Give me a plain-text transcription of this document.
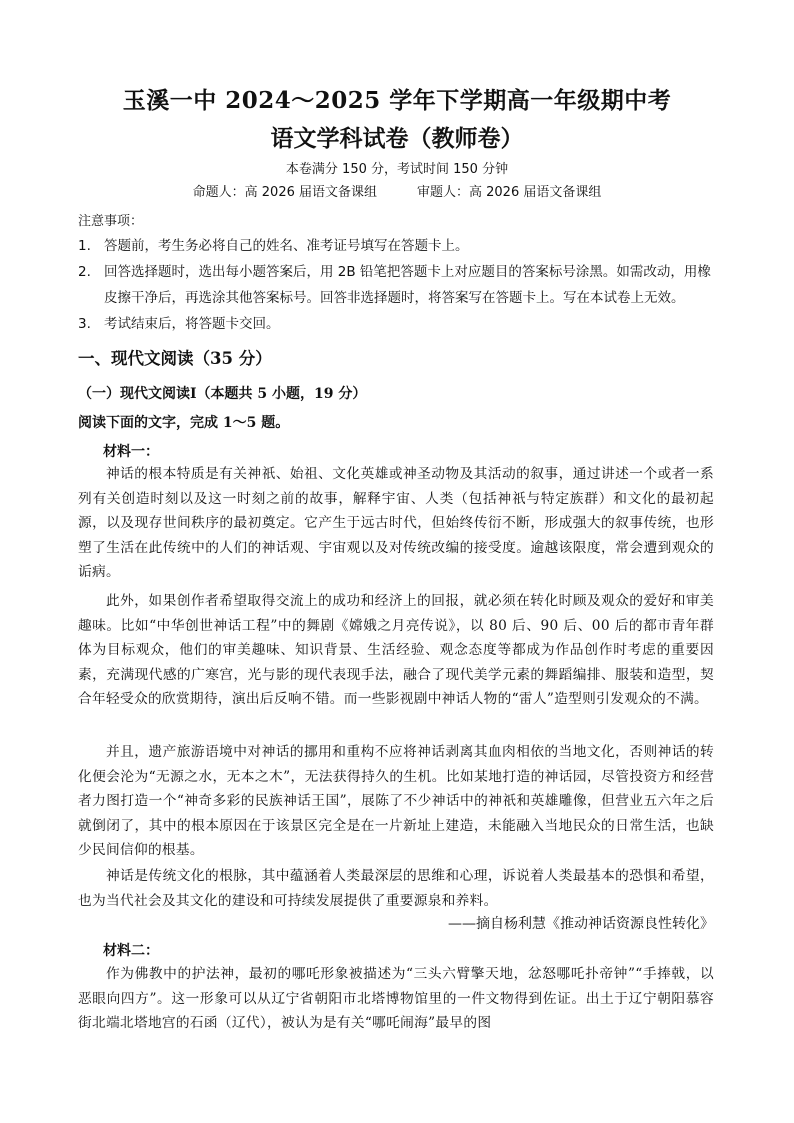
玉溪一中 2024～2025 学年下学期高一年级期中考
语文学科试卷（教师卷）
本卷满分 150 分，考试时间 150 分钟
命题人：高 2026 届语文备课组	审题人：高 2026 届语文备课组
注意事项：
1. 答题前，考生务必将自己的姓名、准考证号填写在答题卡上。
2. 回答选择题时，选出每小题答案后，用 2B 铅笔把答题卡上对应题目的答案标号涂黑。如需改动，用橡皮擦干净后，再选涂其他答案标号。回答非选择题时，将答案写在答题卡上。写在本试卷上无效。
3. 考试结束后，将答题卡交回。
一、现代文阅读（35 分）
（一）现代文阅读Ⅰ（本题共 5 小题，19 分）
阅读下面的文字，完成 1～5 题。
材料一：
神话的根本特质是有关神祇、始祖、文化英雄或神圣动物及其活动的叙事，通过讲述一个或者一系列有关创造时刻以及这一时刻之前的故事，解释宇宙、人类（包括神祇与特定族群）和文化的最初起源，以及现存世间秩序的最初奠定。它产生于远古时代，但始终传衍不断，形成强大的叙事传统，也形塑了生活在此传统中的人们的神话观、宇宙观以及对传统改编的接受度。逾越该限度，常会遭到观众的诟病。
此外，如果创作者希望取得交流上的成功和经济上的回报，就必须在转化时顾及观众的爱好和审美趣味。比如“中华创世神话工程”中的舞剧《嫦娥之月亮传说》，以 80 后、90 后、00 后的都市青年群体为目标观众，他们的审美趣味、知识背景、生活经验、观念态度等都成为作品创作时考虑的重要因素，充满现代感的广寒宫，光与影的现代表现手法，融合了现代美学元素的舞蹈编排、服装和造型，契合年轻受众的欣赏期待，演出后反响不错。而一些影视剧中神话人物的“雷人”造型则引发观众的不满。
并且，遗产旅游语境中对神话的挪用和重构不应将神话剥离其血肉相依的当地文化，否则神话的转化便会沦为“无源之水，无本之木”，无法获得持久的生机。比如某地打造的神话园，尽管投资方和经营者力图打造一个“神奇多彩的民族神话王国”，展陈了不少神话中的神祇和英雄雕像，但营业五六年之后就倒闭了，其中的根本原因在于该景区完全是在一片新址上建造，未能融入当地民众的日常生活，也缺少民间信仰的根基。
神话是传统文化的根脉，其中蕴涵着人类最深层的思维和心理，诉说着人类最基本的恐惧和希望，也为当代社会及其文化的建设和可持续发展提供了重要源泉和养料。
——摘自杨利慧《推动神话资源良性转化》
材料二：
作为佛教中的护法神，最初的哪吒形象被描述为“三头六臂擎天地，忿怒哪吒扑帝钟”“手捧戟，以恶眼向四方”。这一形象可以从辽宁省朝阳市北塔博物馆里的一件文物得到佐证。出土于辽宁朝阳慕容街北端北塔地宫的石函（辽代），被认为是有关“哪吒闹海”最早的图
